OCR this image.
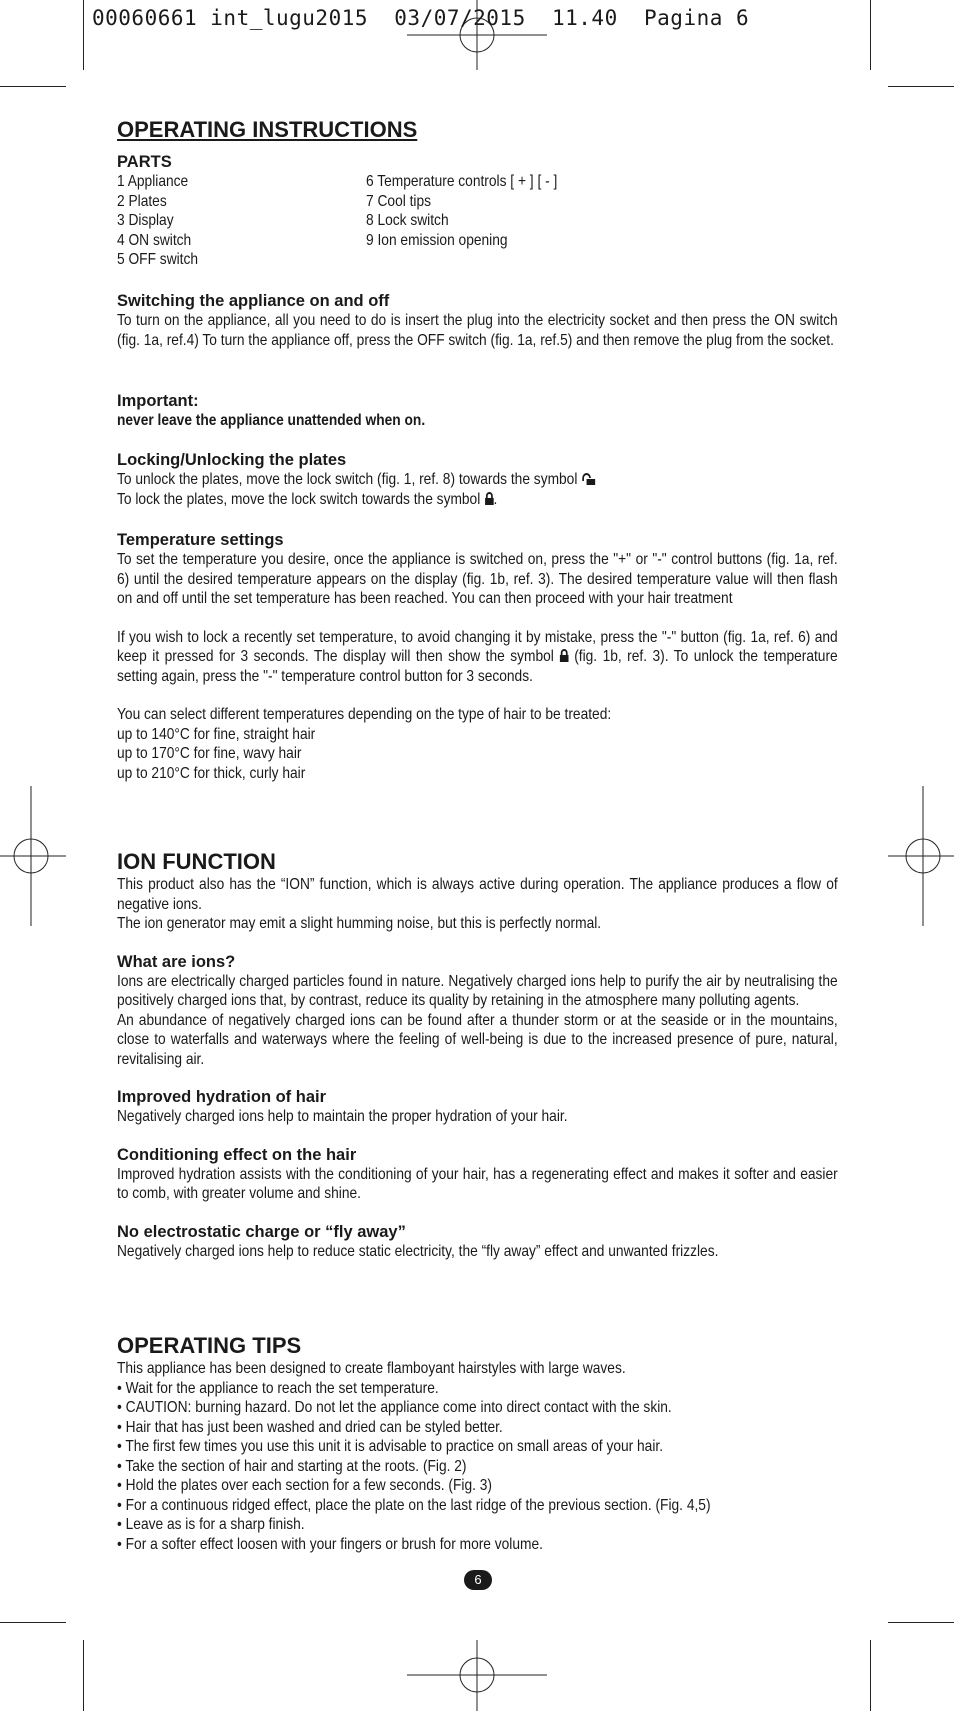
00060661 int_lugu2015  03/07/2015  11.40  Pagina 6
OPERATING INSTRUCTIONS
PARTS
1 Appliance
2 Plates
3 Display
4 ON switch
5 OFF switch
6 Temperature controls [ + ] [ - ]
7 Cool tips
8 Lock switch
9 Ion emission opening
Switching the appliance on and off
To turn on the appliance, all you need to do is insert the plug into the electricity socket and then press the ON switch (fig. 1a, ref.4) To turn the appliance off, press the OFF switch (fig. 1a, ref.5) and then remove the plug from the socket.
Important:
never leave the appliance unattended when on.
Locking/Unlocking the plates
To unlock the plates, move the lock switch (fig. 1, ref. 8) towards the symbol
To lock the plates, move the lock switch towards the symbol .
Temperature settings
To set the temperature you desire, once the appliance is switched on, press the "+" or "-" control buttons (fig. 1a, ref. 6) until the desired temperature appears on the display (fig. 1b, ref. 3). The desired temperature value will then flash on and off until the set temperature has been reached. You can then proceed with your hair treatment
If you wish to lock a recently set temperature, to avoid changing it by mistake, press the "-" button (fig. 1a, ref. 6) and keep it pressed for 3 seconds. The display will then show the symbol (fig. 1b, ref. 3). To unlock the temperature setting again, press the "-" temperature control button for 3 seconds.
You can select different temperatures depending on the type of hair to be treated:
up to 140°C for fine, straight hair
up to 170°C for fine, wavy hair
up to 210°C for thick, curly hair
ION FUNCTION
This product also has the “ION” function, which is always active during operation. The appliance produces a flow of negative ions.
The ion generator may emit a slight humming noise, but this is perfectly normal.
What are ions?
Ions are electrically charged particles found in nature. Negatively charged ions help to purify the air by neutralising the positively charged ions that, by contrast, reduce its quality by retaining in the atmosphere many polluting agents.
An abundance of negatively charged ions can be found after a thunder storm or at the seaside or in the mountains, close to waterfalls and waterways where the feeling of well-being is due to the increased presence of pure, natural, revitalising air.
Improved hydration of hair
Negatively charged ions help to maintain the proper hydration of your hair.
Conditioning effect on the hair
Improved hydration assists with the conditioning of your hair, has a regenerating effect and makes it softer and easier to comb, with greater volume and shine.
No electrostatic charge or “fly away”
Negatively charged ions help to reduce static electricity, the “fly away” effect and unwanted frizzles.
OPERATING TIPS
This appliance has been designed to create flamboyant hairstyles with large waves.
• Wait for the appliance to reach the set temperature.
• CAUTION: burning hazard. Do not let the appliance come into direct contact with the skin.
• Hair that has just been washed and dried can be styled better.
• The first few times you use this unit it is advisable to practice on small areas of your hair.
• Take the section of hair and starting at the roots. (Fig. 2)
• Hold the plates over each section for a few seconds. (Fig. 3)
• For a continuous ridged effect, place the plate on the last ridge of the previous section. (Fig. 4,5)
• Leave as is for a sharp finish.
• For a softer effect loosen with your fingers or brush for more volume.
6
